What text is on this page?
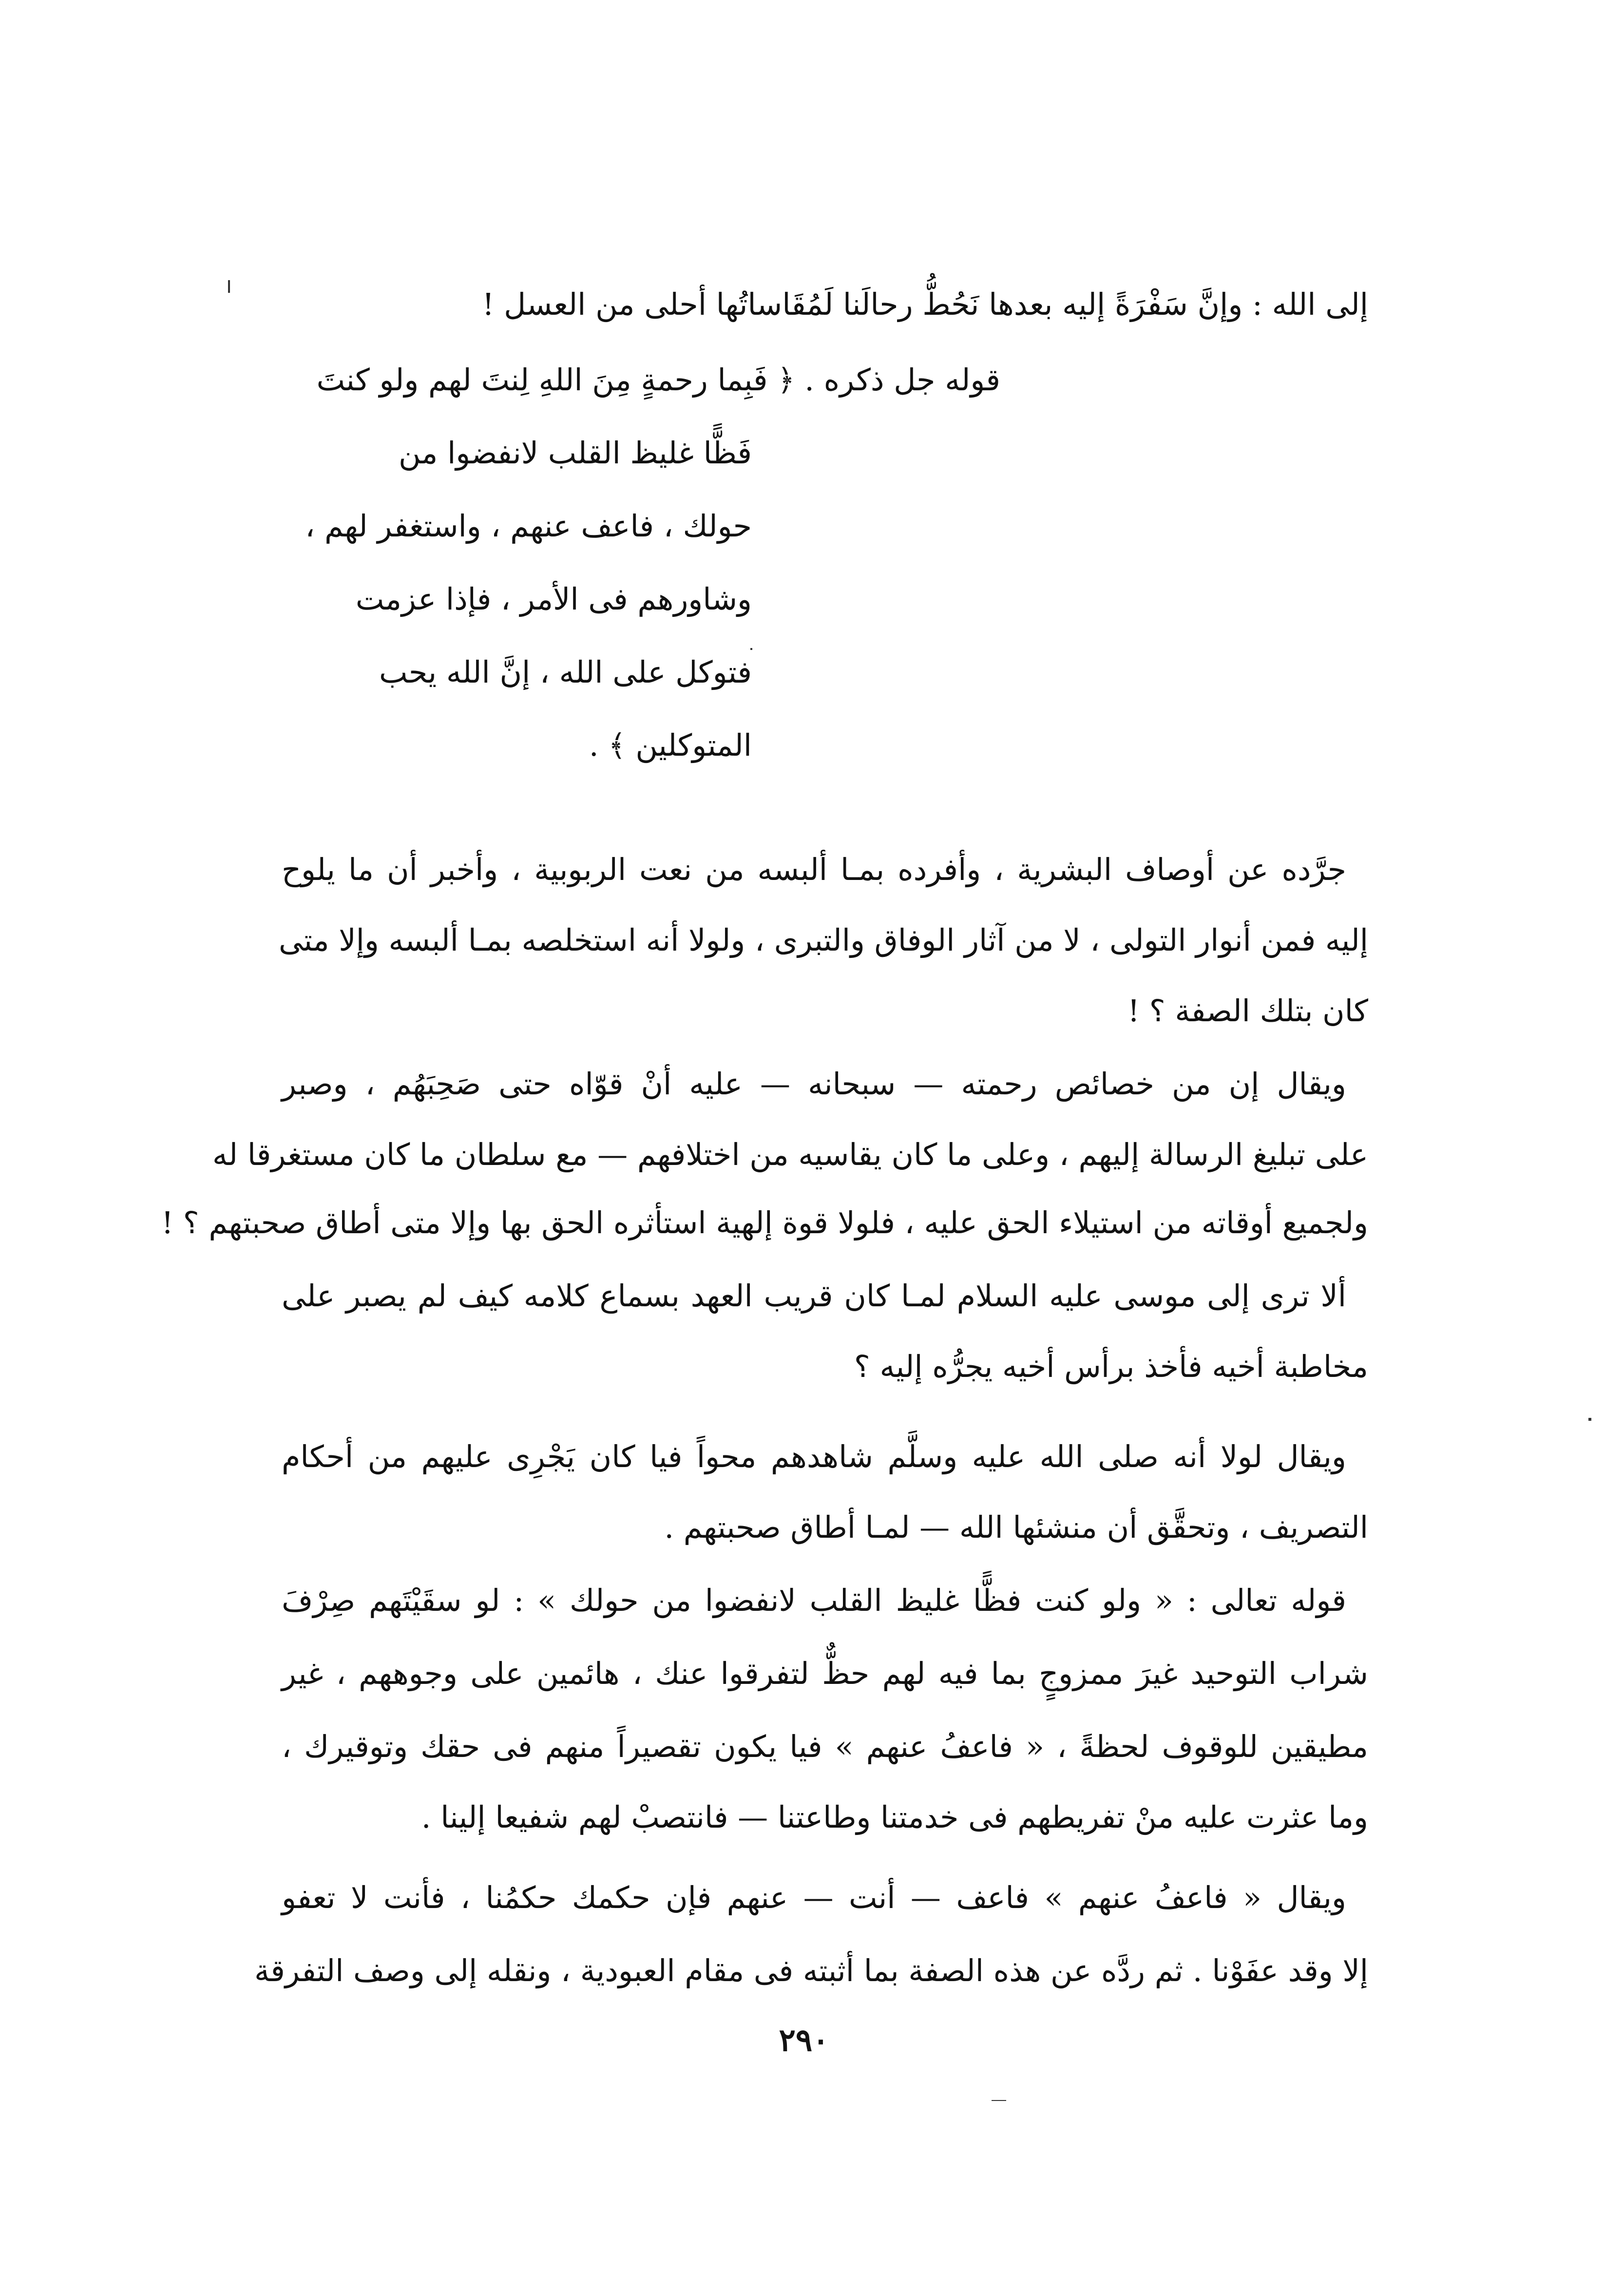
إلى الله : وإنَّ سَفْرَةً إليه بعدها نَحُطُّ رحالَنا لَمُقَاساتُها أحلى من العسل !
قوله جل ذكره . ﴿ فَبِما رحمةٍ مِنَ اللهِ لِنتَ لهم ولو كنتَ
فَظًّا غليظ القلب لانفضوا من
حولك ، فاعف عنهم ، واستغفر لهم ،
وشاورهم فى الأمر ، فإذا عزمت
فتوكل على الله ، إنَّ الله يحب
المتوكلين ﴾ .
جرَّده عن أوصاف البشرية ، وأفرده بمـا ألبسه من نعت الربوبية ، وأخبر أن ما يلوح
إليه فمن أنوار التولى ، لا من آثار الوفاق والتبرى ، ولولا أنه استخلصه بمـا ألبسه وإلا متى
كان بتلك الصفة ؟ !
ويقال إن من خصائص رحمته — سبحانه — عليه أنْ قوّاه حتى صَحِبَهُم ، وصبر
على تبليغ الرسالة إليهم ، وعلى ما كان يقاسيه من اختلافهم — مع سلطان ما كان مستغرقا له
ولجميع أوقاته من استيلاء الحق عليه ، فلولا قوة إلهية استأثره الحق بها وإلا متى أطاق صحبتهم ؟ !
ألا ترى إلى موسى عليه السلام لمـا كان قريب العهد بسماع كلامه كيف لم يصبر على
مخاطبة أخيه فأخذ برأس أخيه يجرُّه إليه ؟
ويقال لولا أنه صلى الله عليه وسلَّم شاهدهم محواً فيا كان يَجْرِى عليهم من أحكام
التصريف ، وتحقَّق أن منشئها الله — لمـا أطاق صحبتهم .
قوله تعالى : « ولو كنت فظًّا غليظ القلب لانفضوا من حولك » : لو سقَيْتَهم صِرْفَ
شراب التوحيد غيرَ ممزوجٍ بما فيه لهم حظٌّ لتفرقوا عنك ، هائمين على وجوههم ، غير
مطيقين للوقوف لحظةً ، « فاعفُ عنهم » فيا يكون تقصيراً منهم فى حقك وتوقيرك ،
وما عثرت عليه منْ تفريطهم فى خدمتنا وطاعتنا — فانتصبْ لهم شفيعا إلينا .
ويقال « فاعفُ عنهم » فاعف — أنت — عنهم فإن حكمك حكمُنا ، فأنت لا تعفو
إلا وقد عفَوْنا . ثم ردَّه عن هذه الصفة بما أثبته فى مقام العبودية ، ونقله إلى وصف التفرقة
٢٩٠
